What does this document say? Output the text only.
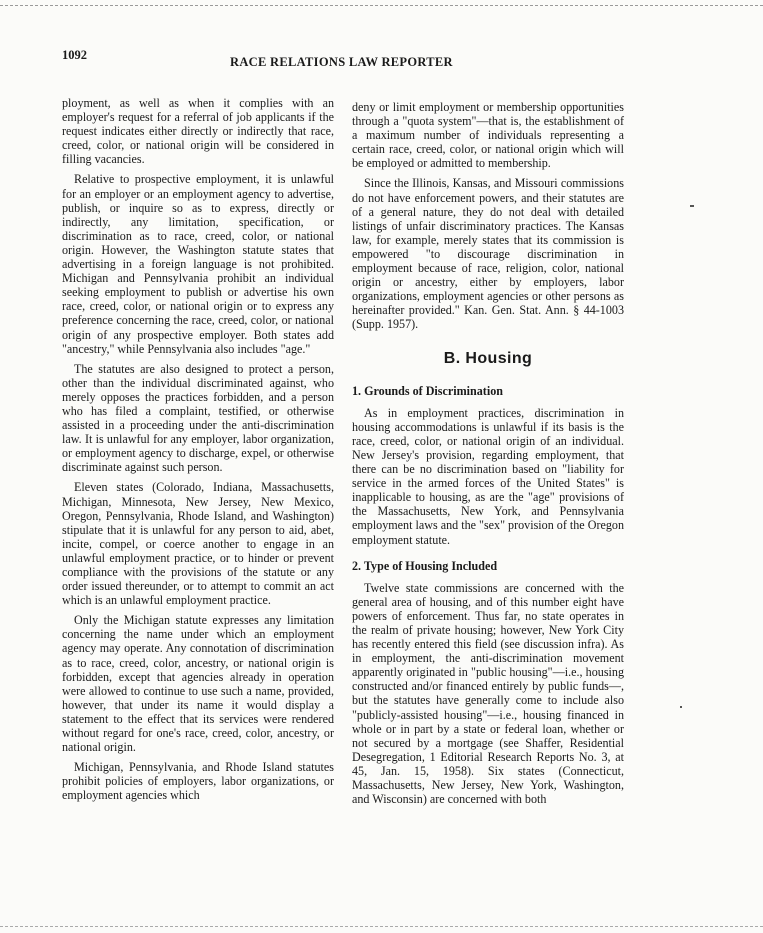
1092	RACE RELATIONS LAW REPORTER

ployment, as well as when it complies with an employer's request for a referral of job applicants if the request indicates either directly or indirectly that race, creed, color, or national origin will be considered in filling vacancies.

Relative to prospective employment, it is unlawful for an employer or an employment agency to advertise, publish, or inquire so as to express, directly or indirectly, any limitation, specification, or discrimination as to race, creed, color, or national origin. However, the Washington statute states that advertising in a foreign language is not prohibited. Michigan and Pennsylvania prohibit an individual seeking employment to publish or advertise his own race, creed, color, or national origin or to express any preference concerning the race, creed, color, or national origin of any prospective employer. Both states add "ancestry," while Pennsylvania also includes "age."

The statutes are also designed to protect a person, other than the individual discriminated against, who merely opposes the practices forbidden, and a person who has filed a complaint, testified, or otherwise assisted in a proceeding under the anti-discrimination law. It is unlawful for any employer, labor organization, or employment agency to discharge, expel, or otherwise discriminate against such person.

Eleven states (Colorado, Indiana, Massachusetts, Michigan, Minnesota, New Jersey, New Mexico, Oregon, Pennsylvania, Rhode Island, and Washington) stipulate that it is unlawful for any person to aid, abet, incite, compel, or coerce another to engage in an unlawful employment practice, or to hinder or prevent compliance with the provisions of the statute or any order issued thereunder, or to attempt to commit an act which is an unlawful employment practice.

Only the Michigan statute expresses any limitation concerning the name under which an employment agency may operate. Any connotation of discrimination as to race, creed, color, ancestry, or national origin is forbidden, except that agencies already in operation were allowed to continue to use such a name, provided, however, that under its name it would display a statement to the effect that its services were rendered without regard for one's race, creed, color, ancestry, or national origin.

Michigan, Pennsylvania, and Rhode Island statutes prohibit policies of employers, labor organizations, or employment agencies which

deny or limit employment or membership opportunities through a "quota system"—that is, the establishment of a maximum number of individuals representing a certain race, creed, color, or national origin which will be employed or admitted to membership.

Since the Illinois, Kansas, and Missouri commissions do not have enforcement powers, and their statutes are of a general nature, they do not deal with detailed listings of unfair discriminatory practices. The Kansas law, for example, merely states that its commission is empowered "to discourage discrimination in employment because of race, religion, color, national origin or ancestry, either by employers, labor organizations, employment agencies or other persons as hereinafter provided." Kan. Gen. Stat. Ann. § 44-1003 (Supp. 1957).

B. Housing
1. Grounds of Discrimination

As in employment practices, discrimination in housing accommodations is unlawful if its basis is the race, creed, color, or national origin of an individual. New Jersey's provision, regarding employment, that there can be no discrimination based on "liability for service in the armed forces of the United States" is inapplicable to housing, as are the "age" provisions of the Massachusetts, New York, and Pennsylvania employment laws and the "sex" provision of the Oregon employment statute.

2. Type of Housing Included

Twelve state commissions are concerned with the general area of housing, and of this number eight have powers of enforcement. Thus far, no state operates in the realm of private housing; however, New York City has recently entered this field (see discussion infra). As in employment, the anti-discrimination movement apparently originated in "public housing"—i.e., housing constructed and/or financed entirely by public funds—, but the statutes have generally come to include also "publicly-assisted housing"—i.e., housing financed in whole or in part by a state or federal loan, whether or not secured by a mortgage (see Shaffer, Residential Desegregation, 1 Editorial Research Reports No. 3, at 45, Jan. 15, 1958). Six states (Connecticut, Massachusetts, New Jersey, New York, Washington, and Wisconsin) are concerned with both
